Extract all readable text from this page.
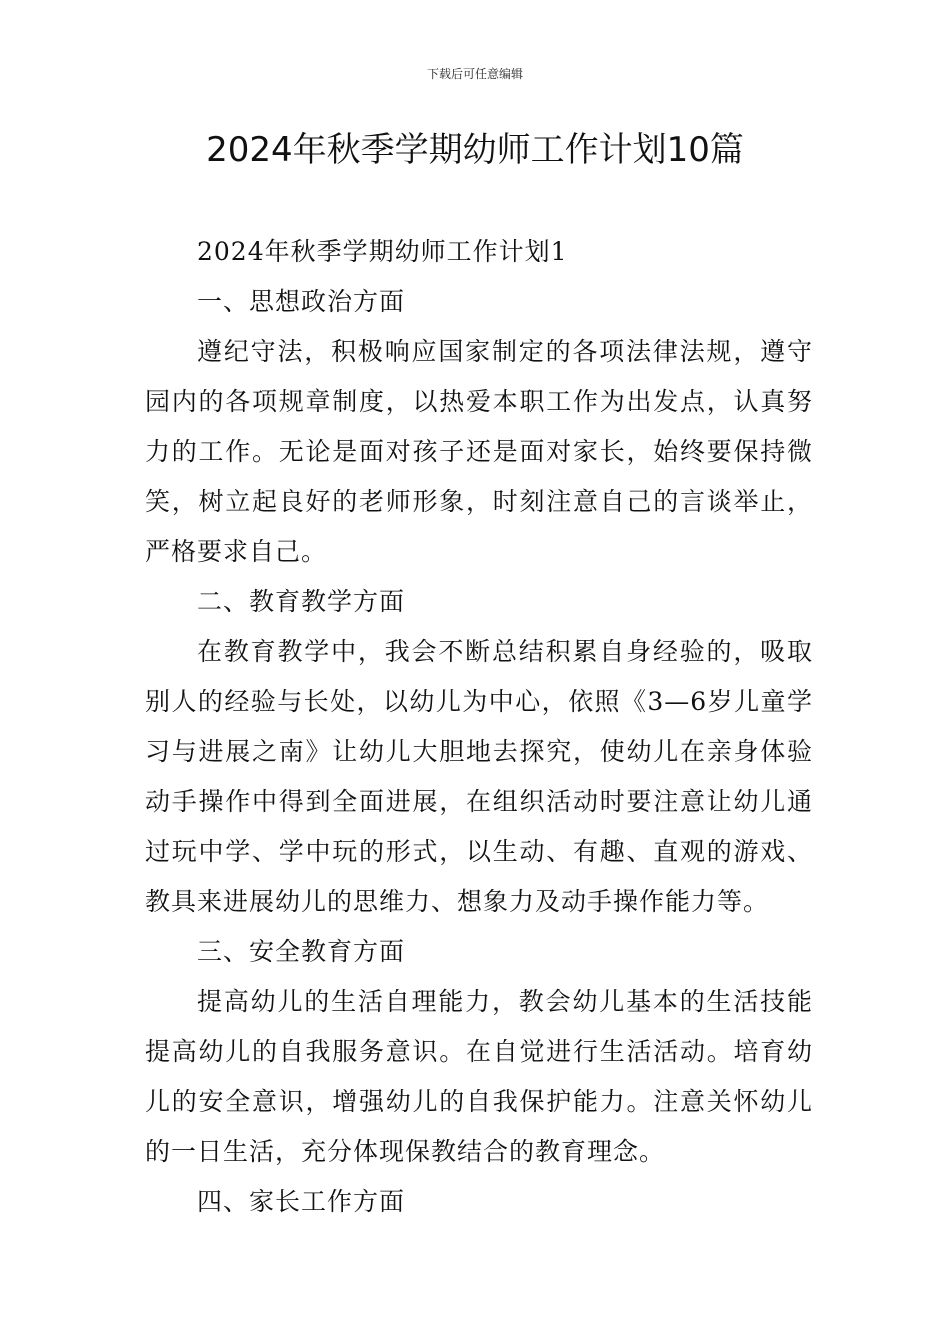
下载后可任意编辑
2024年秋季学期幼师工作计划10篇

2024年秋季学期幼师工作计划1

一、思想政治方面

遵纪守法，积极响应国家制定的各项法律法规，遵守园内的各项规章制度，以热爱本职工作为出发点，认真努力的工作。无论是面对孩子还是面对家长，始终要保持微笑，树立起良好的老师形象，时刻注意自己的言谈举止，严格要求自己。

二、教育教学方面

在教育教学中，我会不断总结积累自身经验的，吸取别人的经验与长处，以幼儿为中心，依照《3—6岁儿童学习与进展之南》让幼儿大胆地去探究，使幼儿在亲身体验动手操作中得到全面进展，在组织活动时要注意让幼儿通过玩中学、学中玩的形式，以生动、有趣、直观的游戏、教具来进展幼儿的思维力、想象力及动手操作能力等。

三、安全教育方面

提高幼儿的生活自理能力，教会幼儿基本的生活技能提高幼儿的自我服务意识。在自觉进行生活活动。培育幼儿的安全意识，增强幼儿的自我保护能力。注意关怀幼儿的一日生活，充分体现保教结合的教育理念。

四、家长工作方面
